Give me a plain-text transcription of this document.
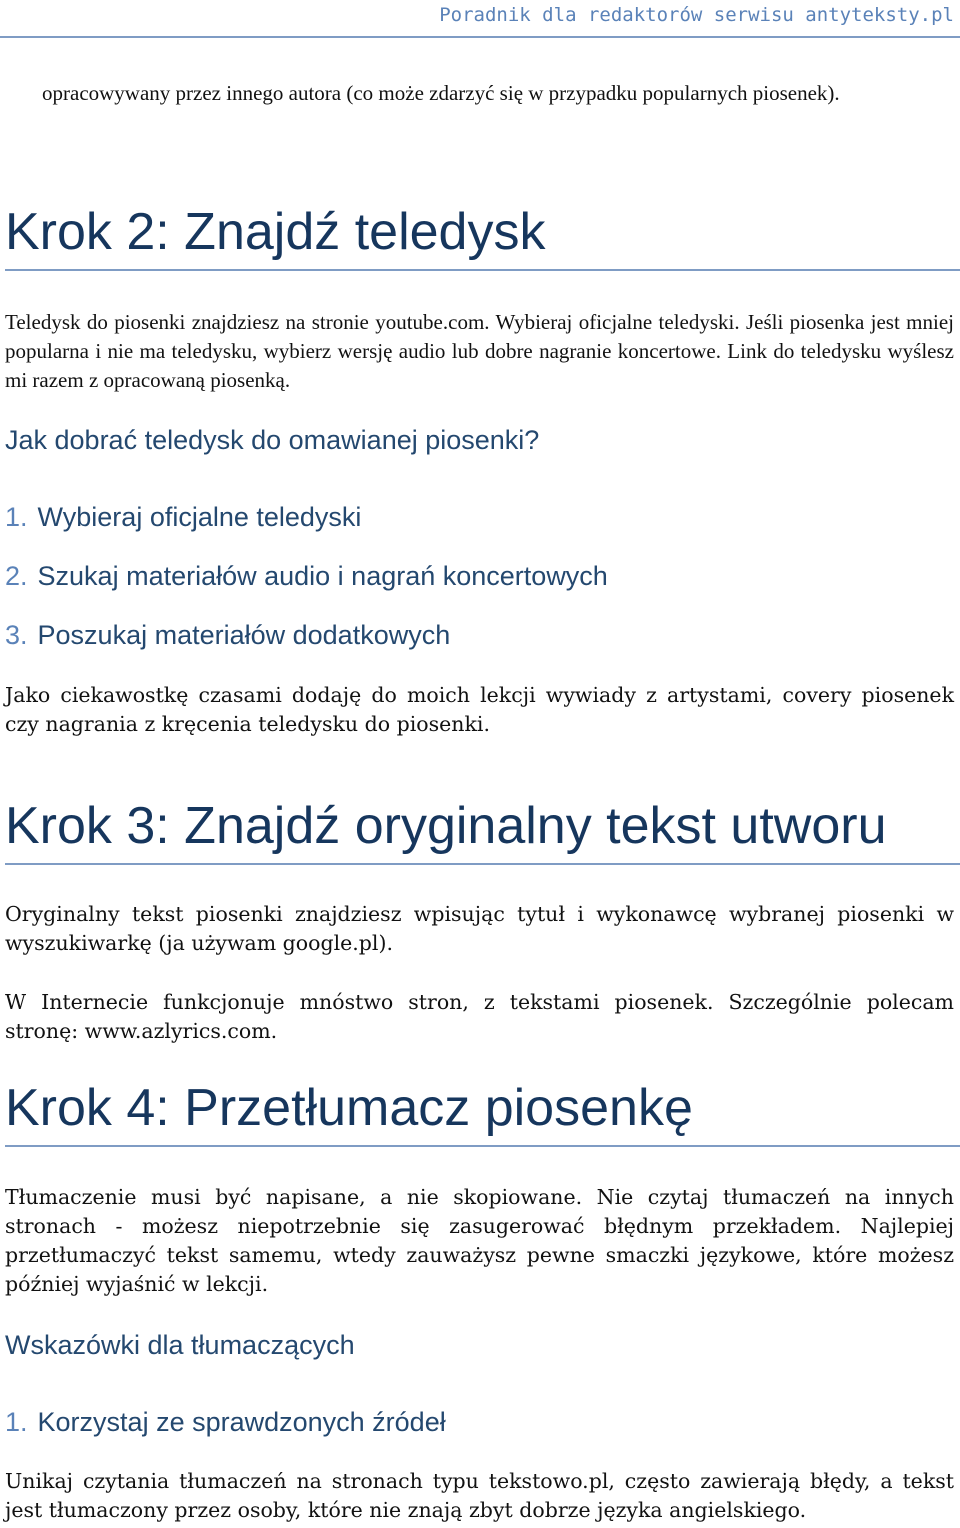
Poradnik dla redaktorów serwisu antyteksty.pl

opracowywany przez innego autora (co może zdarzyć się w przypadku popularnych piosenek).

Krok 2: Znajdź teledysk

Teledysk do piosenki znajdziesz na stronie youtube.com. Wybieraj oficjalne teledyski. Jeśli piosenka jest mniej popularna i nie ma teledysku, wybierz wersję audio lub dobre nagranie koncertowe. Link do teledysku wyślesz mi razem z opracowaną piosenką.

Jak dobrać teledysk do omawianej piosenki?
1. Wybieraj oficjalne teledyski
2. Szukaj materiałów audio i nagrań koncertowych
3. Poszukaj materiałów dodatkowych

Jako ciekawostkę czasami dodaję do moich lekcji wywiady z artystami, covery piosenek czy nagrania z kręcenia teledysku do piosenki.

Krok 3: Znajdź oryginalny tekst utworu

Oryginalny tekst piosenki znajdziesz wpisując tytuł i wykonawcę wybranej piosenki w wyszukiwarkę (ja używam google.pl).

W Internecie funkcjonuje mnóstwo stron, z tekstami piosenek. Szczególnie polecam stronę: www.azlyrics.com.

Krok 4: Przetłumacz piosenkę

Tłumaczenie musi być napisane, a nie skopiowane. Nie czytaj tłumaczeń na innych stronach - możesz niepotrzebnie się zasugerować błędnym przekładem. Najlepiej przetłumaczyć tekst samemu, wtedy zauważysz pewne smaczki językowe, które możesz później wyjaśnić w lekcji.

Wskazówki dla tłumaczących
1. Korzystaj ze sprawdzonych źródeł

Unikaj czytania tłumaczeń na stronach typu tekstowo.pl, często zawierają błędy, a tekst jest tłumaczony przez osoby, które nie znają zbyt dobrze języka angielskiego.
